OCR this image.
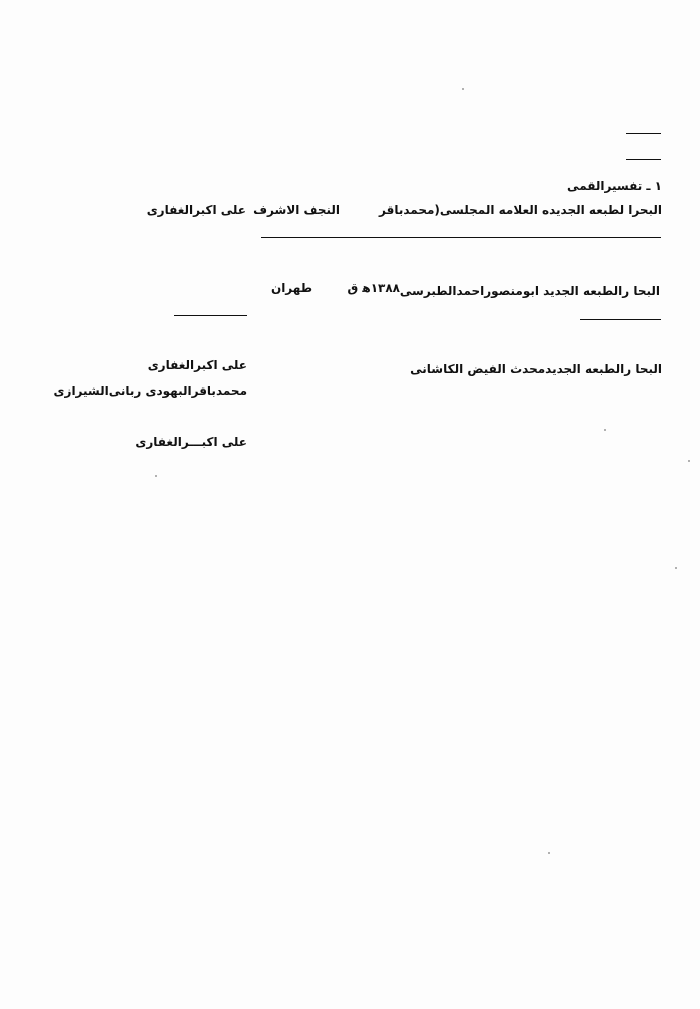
١ ـ تفسيرالقمى
البحرا لطبعه الجديده العلامه المجلسى(محمدباقر
النجف الاشرف
على اكبرالغفارى
البحا رالطبعه الجديد ابومنصوراحمدالطبرسى
١٣٨٨ﻫ ق
طهران
البحا رالطبعه الجديدمحدث الفيض الكاشانى
على اكبرالغفارى
محمدباقرالبهودى ربانى‌الشيرازى
على اكبـــرالغفارى
